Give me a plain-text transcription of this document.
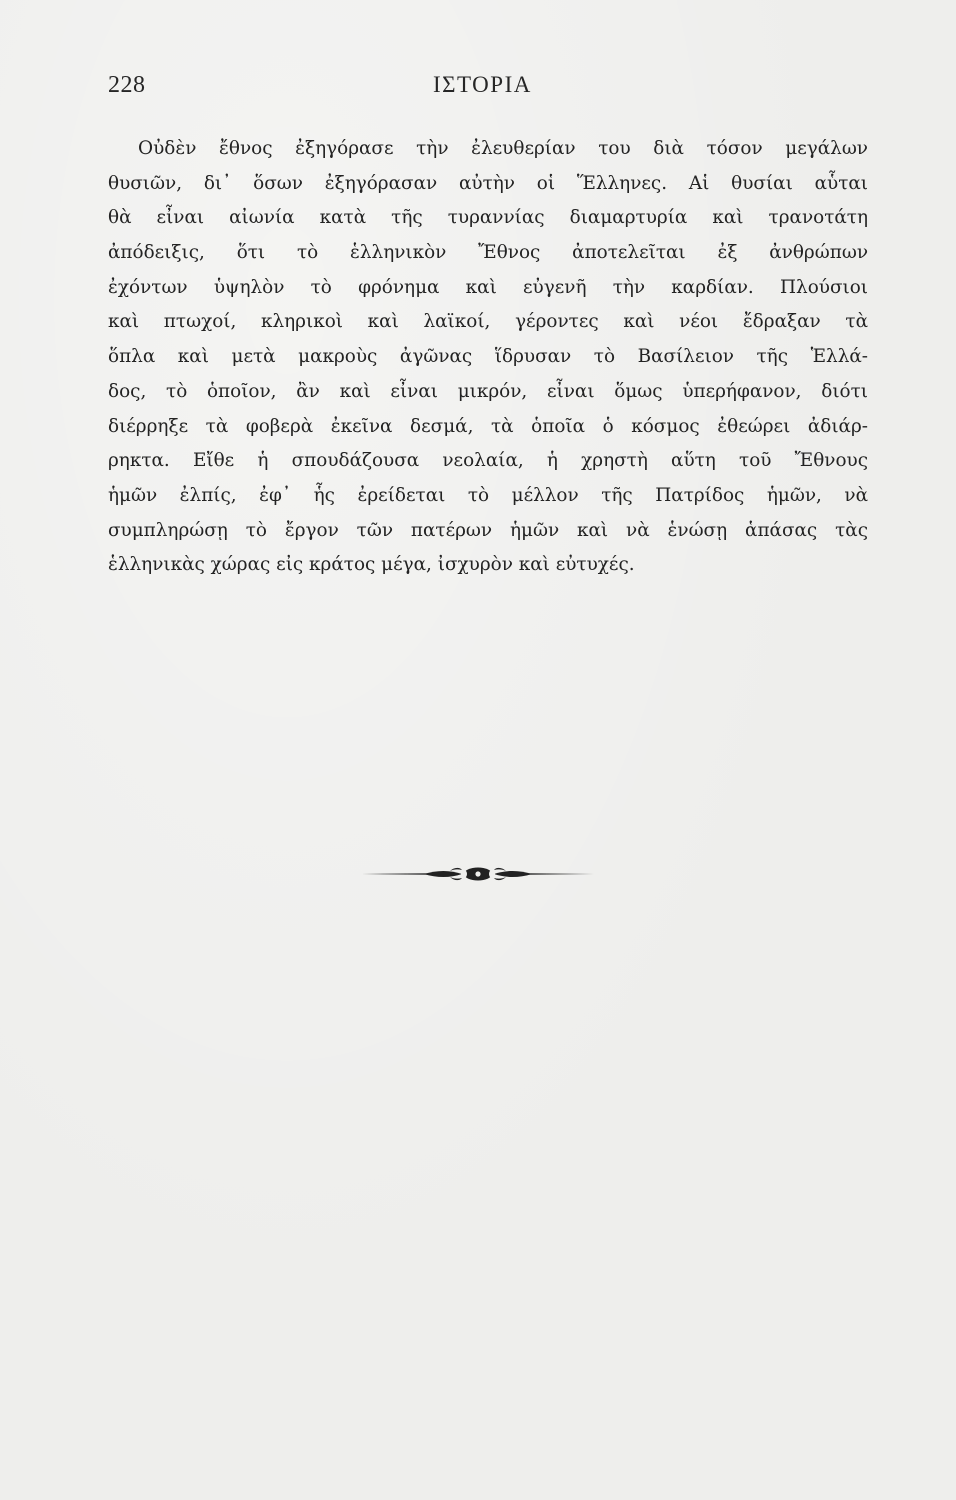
228	ΙΣΤΟΡΙΑ
Οὐδὲν ἔθνος ἐξηγόρασε τὴν ἐλευθερίαν του διὰ τόσον μεγάλων
θυσιῶν, δι᾽ ὅσων ἐξηγόρασαν αὐτὴν οἱ Ἕλληνες. Αἱ θυσίαι αὗται
θὰ εἶναι αἰωνία κατὰ τῆς τυραννίας διαμαρτυρία καὶ τρανοτάτη
ἀπόδειξις, ὅτι τὸ ἑλληνικὸν Ἔθνος ἀποτελεῖται ἐξ ἀνθρώπων
ἐχόντων ὑψηλὸν τὸ φρόνημα καὶ εὐγενῆ τὴν καρδίαν. Πλούσιοι
καὶ πτωχοί, κληρικοὶ καὶ λαϊκοί, γέροντες καὶ νέοι ἔδραξαν τὰ
ὅπλα καὶ μετὰ μακροὺς ἀγῶνας ἵδρυσαν τὸ Βασίλειον τῆς Ἑλλά-
δος, τὸ ὁποῖον, ἂν καὶ εἶναι μικρόν, εἶναι ὅμως ὑπερήφανον, διότι
διέρρηξε τὰ φοβερὰ ἐκεῖνα δεσμά, τὰ ὁποῖα ὁ κόσμος ἐθεώρει ἀδιάρ-
ρηκτα. Εἴθε ἡ σπουδάζουσα νεολαία, ἡ χρηστὴ αὕτη τοῦ Ἔθνους
ἡμῶν ἐλπίς, ἐφ᾽ ἧς ἐρείδεται τὸ μέλλον τῆς Πατρίδος ἡμῶν, νὰ
συμπληρώσῃ τὸ ἔργον τῶν πατέρων ἡμῶν καὶ νὰ ἑνώσῃ ἁπάσας τὰς
ἑλληνικὰς χώρας εἰς κράτος μέγα, ἰσχυρὸν καὶ εὐτυχές.
